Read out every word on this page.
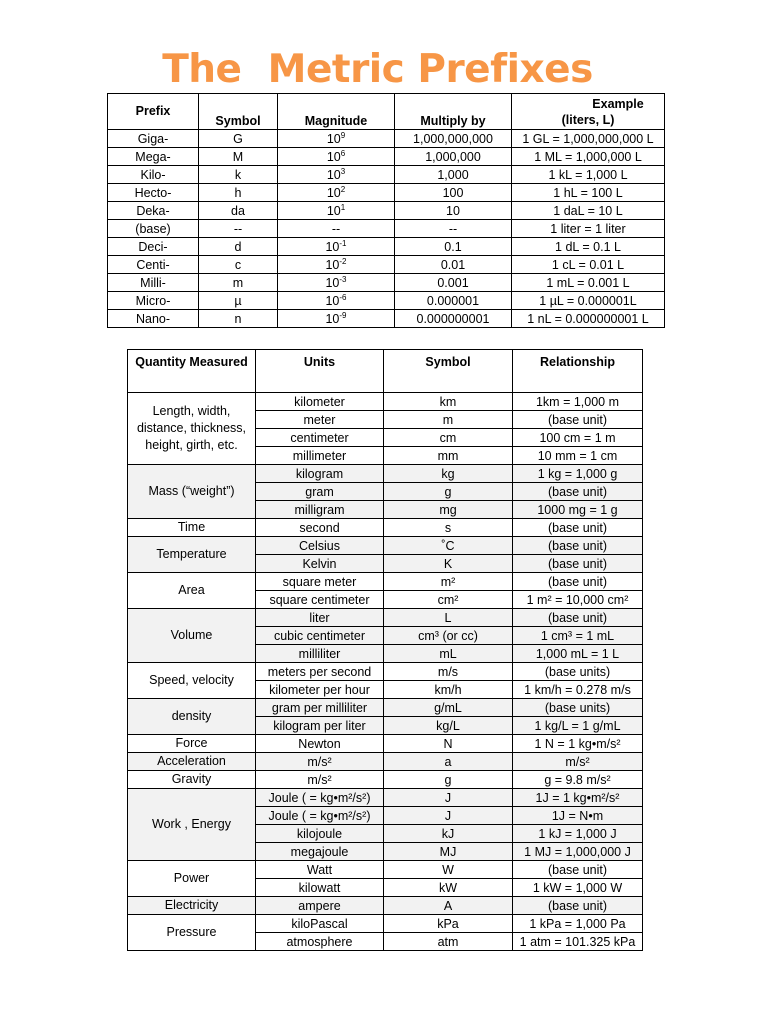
The  Metric Prefixes
Prefix	Symbol	Magnitude	Multiply by	Example
(liters, L)

Giga-	G	$10^9$	1,000,000,000	1 GL = 1,000,000,000 L
Mega-	M	$10^6$	1,000,000	1 ML = 1,000,000 L
Kilo-	k	$10^3$	1,000	1 kL = 1,000 L
Hecto-	h	$10^2$	100	1 hL = 100 L
Deka-	da	$10^1$	10	1 daL = 10 L
(base)	--	--	--	1 liter = 1 liter
Deci-	d	$10^{-1}$	0.1	1 dL = 0.1 L
Centi-	c	$10^{-2}$	0.01	1 cL = 0.01 L
Milli-	m	$10^{-3}$	0.001	1 mL = 0.001 L
Micro-	µ	$10^{-6}$	0.000001	1 µL = 0.000001L
Nano-	n	$10^{-9}$	0.000000001	1 nL = 0.000000001 L
Quantity Measured	Units	Symbol	Relationship
Length, width, distance, thickness, height, girth, etc.	kilometer	km	1km = 1,000 m
	meter	m	(base unit)
	centimeter	cm	100 cm = 1 m
	millimeter	mm	10 mm = 1 cm
Mass (“weight”)	kilogram	kg	1 kg = 1,000 g
	gram	g	(base unit)
	milligram	mg	1000 mg = 1 g
Time	second	s	(base unit)
Temperature	Celsius	˚C	(base unit)
	Kelvin	K	(base unit)
Area	square meter	m²	(base unit)
	square centimeter	cm²	1 m² = 10,000 cm²
Volume	liter	L	(base unit)
	cubic centimeter	cm³ (or cc)	1 cm³ = 1 mL
	milliliter	mL	1,000 mL = 1 L
Speed, velocity	meters per second	m/s	(base units)
	kilometer per hour	km/h	1 km/h = 0.278 m/s
density	gram per milliliter	g/mL	(base units)
	kilogram per liter	kg/L	1 kg/L = 1 g/mL
Force	Newton	N	1 N = 1 kg•m/s²
Acceleration	m/s²	a	m/s²
Gravity	m/s²	g	g = 9.8 m/s²
Work , Energy	Joule ( = kg•m²/s²)	J	1J = 1 kg•m²/s²
	Joule ( = kg•m²/s²)	J	1J = N•m
	kilojoule	kJ	1 kJ = 1,000 J
	megajoule	MJ	1 MJ = 1,000,000 J
Power	Watt	W	(base unit)
	kilowatt	kW	1 kW = 1,000 W
Electricity	ampere	A	(base unit)
Pressure	kiloPascal	kPa	1 kPa = 1,000 Pa
	atmosphere	atm	1 atm = 101.325 kPa
